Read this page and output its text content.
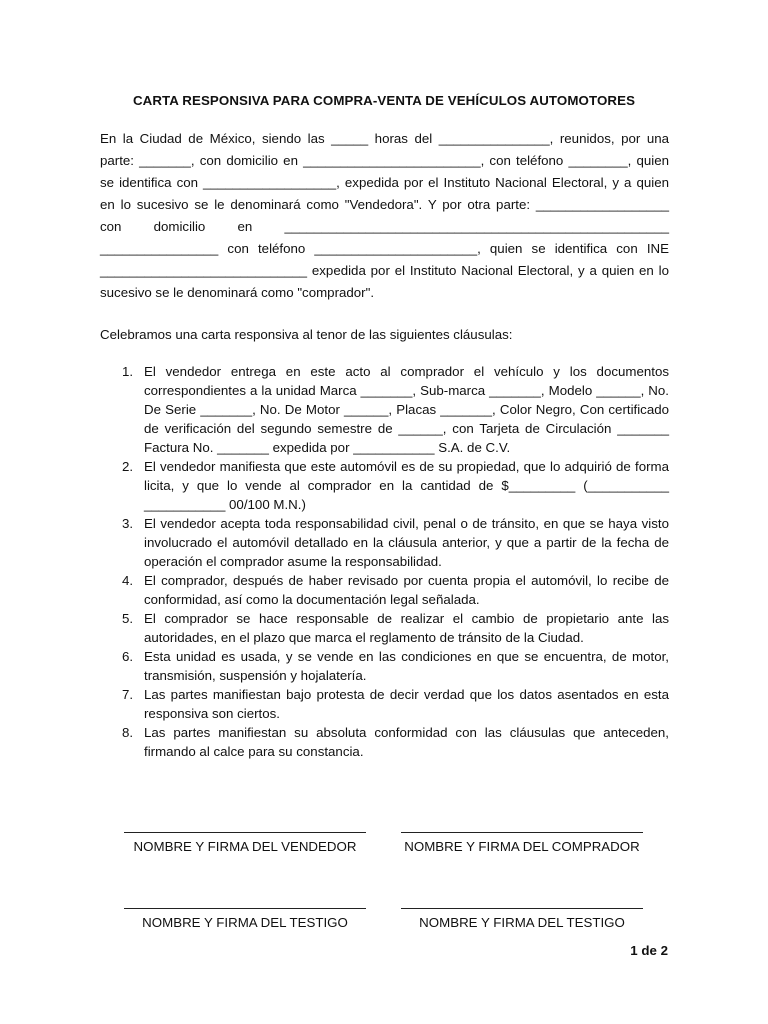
CARTA RESPONSIVA PARA COMPRA-VENTA DE VEHÍCULOS AUTOMOTORES
En la Ciudad de México, siendo las _____ horas del _______________, reunidos, por una
parte: _______, con domicilio en ________________________, con teléfono ________, quien
se identifica con __________________, expedida por el Instituto Nacional Electoral, y a quien
en lo sucesivo se le denominará como "Vendedora". Y por otra parte: __________________
con domicilio en ____________________________________________________
________________ con teléfono ______________________, quien se identifica con INE
____________________________ expedida por el Instituto Nacional Electoral, y a quien en lo
sucesivo se le denominará como "comprador".
Celebramos una carta responsiva al tenor de las siguientes cláusulas:
1. El vendedor entrega en este acto al comprador el vehículo y los documentos correspondientes a la unidad Marca _______, Sub-marca _______, Modelo ______, No. De Serie _______, No. De Motor ______, Placas _______, Color Negro, Con certificado de verificación del segundo semestre de ______, con Tarjeta de Circulación _______ Factura No. _______ expedida por ___________ S.A. de C.V.
2. El vendedor manifiesta que este automóvil es de su propiedad, que lo adquirió de forma licita, y que lo vende al comprador en la cantidad de $_________ (___________ ___________ 00/100 M.N.)
3. El vendedor acepta toda responsabilidad civil, penal o de tránsito, en que se haya visto involucrado el automóvil detallado en la cláusula anterior, y que a partir de la fecha de operación el comprador asume la responsabilidad.
4. El comprador, después de haber revisado por cuenta propia el automóvil, lo recibe de conformidad, así como la documentación legal señalada.
5. El comprador se hace responsable de realizar el cambio de propietario ante las autoridades, en el plazo que marca el reglamento de tránsito de la Ciudad.
6. Esta unidad es usada, y se vende en las condiciones en que se encuentra, de motor, transmisión, suspensión y hojalatería.
7. Las partes manifiestan bajo protesta de decir verdad que los datos asentados en esta responsiva son ciertos.
8. Las partes manifiestan su absoluta conformidad con las cláusulas que anteceden, firmando al calce para su constancia.
NOMBRE Y FIRMA DEL VENDEDOR	NOMBRE Y FIRMA DEL COMPRADOR
NOMBRE Y FIRMA DEL TESTIGO	NOMBRE Y FIRMA DEL TESTIGO
1 de 2
